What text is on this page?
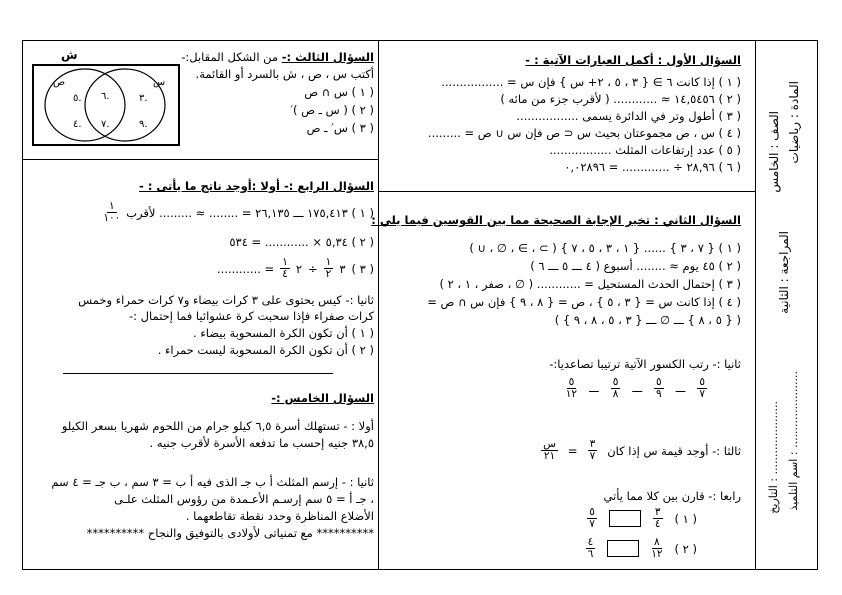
المادة : رياضيات
الصف : الخامس
المراجعة : الثانية
اسم التلميذ : ......................
التاريخ : .....................
السؤال الأول : أكمل العبارات الآتية : -
( ۱ ) إذا كانت ٦ ∋ { ۳ ، ٥ ، ۲+ س } فإن س = .................
( ۲ ) ١٤,٥٤٥٦ ≈ ............ ( لأقرب جزء من مائه )
( ۳ ) أطول وتر في الدائرة يسمى .................
( ٤ ) س ، ص مجموعتان بحيث س ⊂ ص فإن س ∪ ص = .........
( ٥ ) عدد إرتفاعات المثلث .................
( ٦ ) ٢٨,٩٦ ÷ ............. = ٠,٠٢٨٩٦
السؤال الثاني : تخير الإجابة الصحيحة مما بين القوسين فيما يلي :
( ۱ ) { ۷ ، ۳ } ...... { ۱ ، ۳ ، ٥ ، ۷ } ( ⊃ ، ∋ ، ∅ ، ∪ )
( ۲ ) ٤٥ يوم ≈ ........ أسبوع ( ٤ ـــ ٥ ـــ ٦ )
( ۳ ) إحتمال الحدث المستحيل = ............ ( ∅ ، صفر ، ۱ ، ۲ )
( ٤ ) إذا كانت س = { ۳ ، ٥ } ، ص = { ۸ ، ۹ } فإن س ∩ ص =
( { ٥ ، ۸ } ـــ ∅ ـــ { ۳ ، ٥ ، ۸ ، ۹ } )
ثانيا :- رتب الكسور الآتية ترتيبا تصاعديا:-
$\frac{٥}{۷}$
ـــ
$\frac{٥}{۹}$
ـــ
$\frac{٥}{۸}$
ـــ
$\frac{٥}{۱۲}$
ثالثا :- أوجد قيمة س إذا كان
$\frac{۳}{۷}$
=
$\frac{\text{س}}{۲۱}$
رابعا :- قارن بين كلا مما يأتي
( ۱ )
$\frac{۳}{٤}$
$\frac{٥}{۷}$
( ۲ )
$\frac{۸}{۱۲}$
$\frac{٤}{٦}$
السؤال الثالث :- من الشكل المقابل:-
أكتب س ، ص ، ش بالسرد أو القائمة.
( ۱ ) س ∩ ص
( ۲ ) ( س ـ ص )′
( ۳ ) س′ ـ ص
ش
ص	س
٥.
٤.
٦.
٧.
۳.
۹.
السؤال الرابع :- أولا :أوجد ناتج ما يأتى : -
( ۱ ) ١٧٥,٤١٣ ـــ ٢٦,١٣٥ = ........ ≈ ......... لأقرب
$\frac{۱}{۱۰۰}$
( ۲ ) ٥,٣٤ × ............ = ٥٣٤
( ۳ )
۳
$\frac{۱}{۲}$
÷
۲
$\frac{۱}{٤}$
= ............
ثانيا :- كيس يحتوى على ۳ كرات بيضاء و۷ كرات حمراء وخمس
كرات صفراء فإذا سحبت كرة عشوائيا فما إحتمال :-
( ۱ ) أن تكون الكرة المسحوبة بيضاء .
( ۲ ) أن تكون الكرة المسحوبة ليست حمراء .
السؤال الخامس :-
أولا : - تستهلك أسرة ٦,٥ كيلو جرام من اللحوم شهريا بسعر الكيلو
٣٨,٥ جنيه إحسب ما تدفعه الأسرة لأقرب جنيه .
ثانيا : - إرسم المثلث أ ب جـ الذى فيه أ ب = ۳ سم ، ب جـ = ٤ سم
، جـ أ = ٥ سم إرسـم الأعـمدة من رؤوس المثلث علـى
الأضلاع المناظرة وحدد نقطة تقاطعهما .
********** مع تمنياتى لأولادى بالتوفيق والنجاح **********
